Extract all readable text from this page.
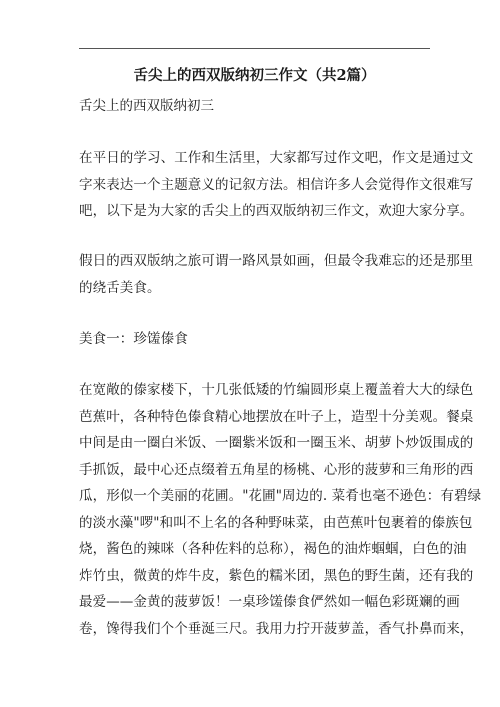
舌尖上的西双版纳初三作文（共2篇）
舌尖上的西双版纳初三

在平日的学习、工作和生活里，大家都写过作文吧，作文是通过文
字来表达一个主题意义的记叙方法。相信许多人会觉得作文很难写
吧，以下是为大家的舌尖上的西双版纳初三作文，欢迎大家分享。

假日的西双版纳之旅可谓一路风景如画，但最令我难忘的还是那里
的绕舌美食。

美食一：珍馐傣食

在宽敞的傣家楼下，十几张低矮的竹编圆形桌上覆盖着大大的绿色
芭蕉叶，各种特色傣食精心地摆放在叶子上，造型十分美观。餐桌
中间是由一圈白米饭、一圈紫米饭和一圈玉米、胡萝卜炒饭围成的
手抓饭，最中心还点缀着五角星的杨桃、心形的菠萝和三角形的西
瓜，形似一个美丽的花圃。"花圃"周边的. 菜肴也毫不逊色：有碧绿
的淡水藻"啰"和叫不上名的各种野味菜，由芭蕉叶包裹着的傣族包
烧，酱色的辣咪（各种佐料的总称），褐色的油炸蝈蝈，白色的油
炸竹虫，微黄的炸牛皮，紫色的糯米团，黑色的野生菌，还有我的
最爱——金黄的菠萝饭！一桌珍馐傣食俨然如一幅色彩斑斓的画
卷，馋得我们个个垂涎三尺。我用力拧开菠萝盖，香气扑鼻而来，
